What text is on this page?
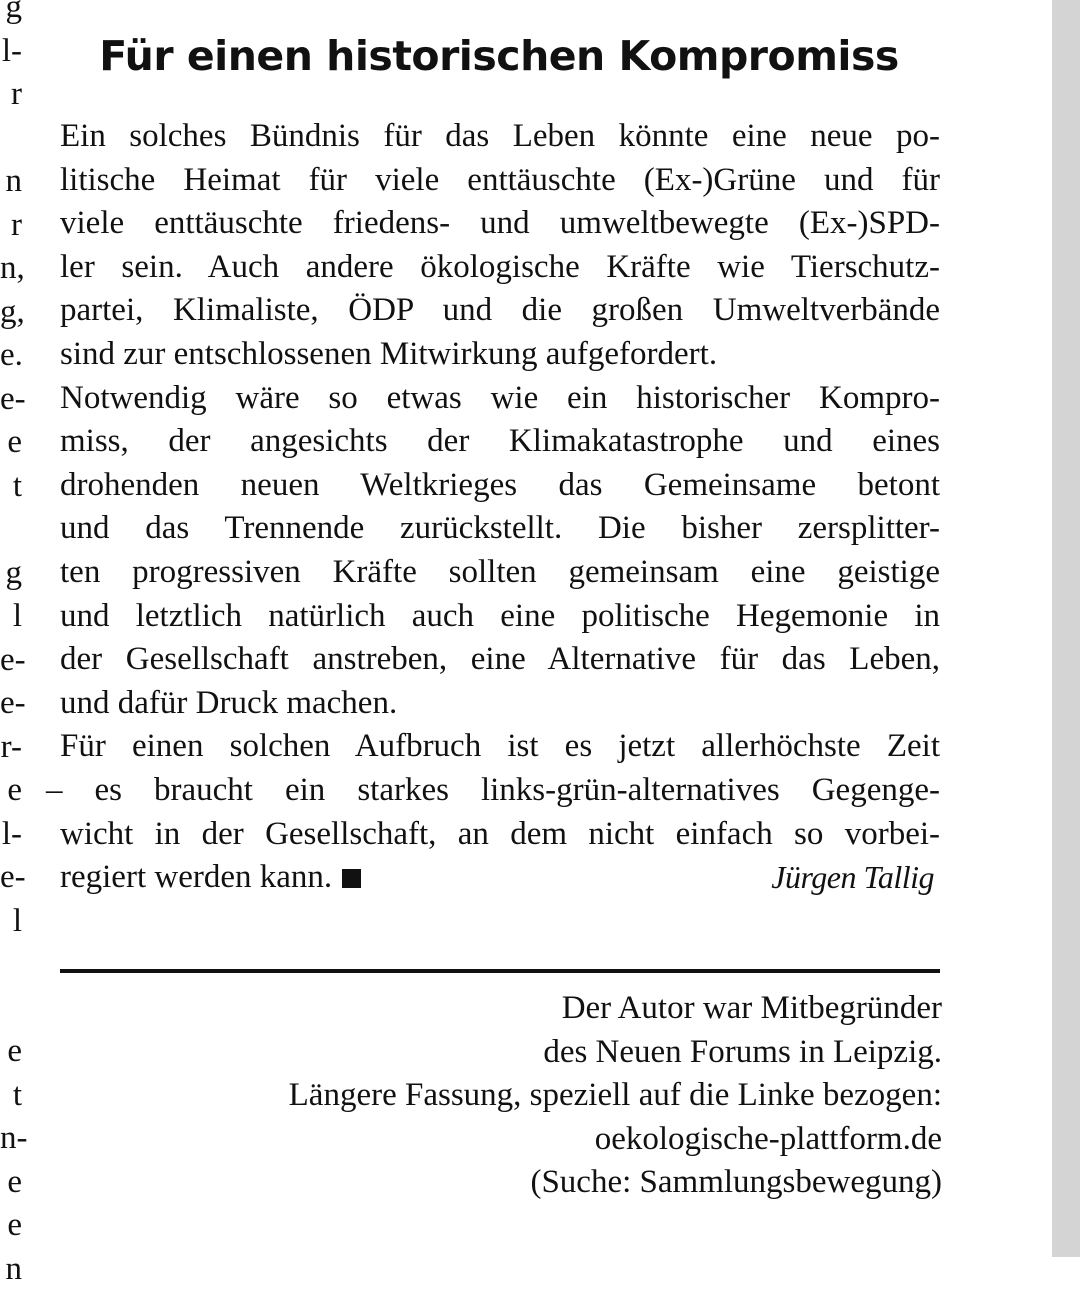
g
l-
r
n
r
n,
g,
e.
e-
e
t
g
l
e-
e-
r-
e
l-
e-
l
e
t
n-
e
e
n
Für einen historischen Kompromiss
Ein solches Bündnis für das Leben könnte eine neue po-
litische Heimat für viele enttäuschte (Ex-)Grüne und für
viele enttäuschte friedens- und umweltbewegte (Ex-)SPD-
ler sein. Auch andere ökologische Kräfte wie Tierschutz-
partei, Klimaliste, ÖDP und die großen Umweltverbände
sind zur entschlossenen Mitwirkung aufgefordert.
Notwendig wäre so etwas wie ein historischer Kompro-
miss, der angesichts der Klimakatastrophe und eines
drohenden neuen Weltkrieges das Gemeinsame betont
und das Trennende zurückstellt. Die bisher zersplitter-
ten progressiven Kräfte sollten gemeinsam eine geistige
und letztlich natürlich auch eine politische Hegemonie in
der Gesellschaft anstreben, eine Alternative für das Leben,
und dafür Druck machen.
Für einen solchen Aufbruch ist es jetzt allerhöchste Zeit
– es braucht ein starkes links-grün-alternatives Gegenge-
wicht in der Gesellschaft, an dem nicht einfach so vorbei-
regiert werden kann.	Jürgen Tallig
Der Autor war Mitbegründer
des Neuen Forums in Leipzig.
Längere Fassung, speziell auf die Linke bezogen:
oekologische-plattform.de
(Suche: Sammlungsbewegung)
